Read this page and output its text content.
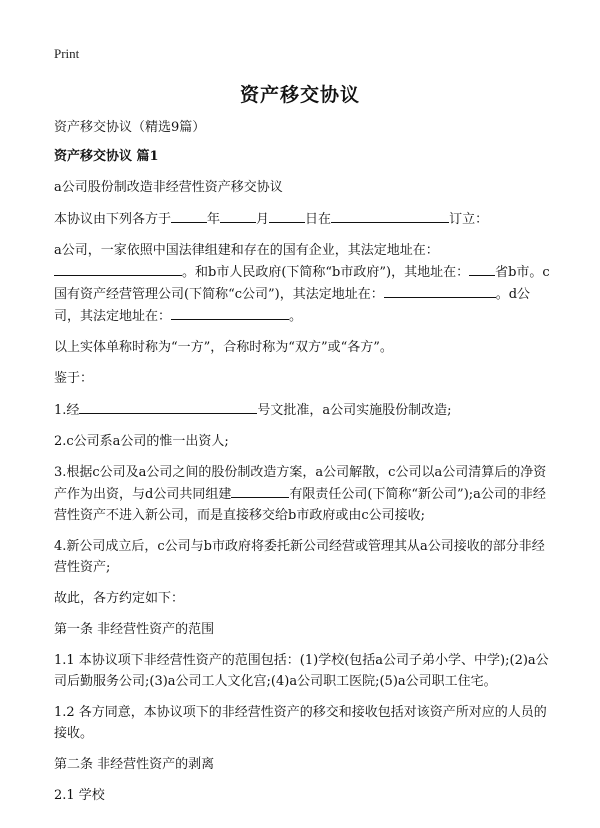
Print
资产移交协议

资产移交协议（精选9篇）

资产移交协议 篇1

a公司股份制改造非经营性资产移交协议

本协议由下列各方于	年	月	日在	订立：

a公司，一家依照中国法律组建和存在的国有企业，其法定地址在：。和b市人民政府(下简称“b市政府”)，其地址在： 省b市。c国有资产经营管理公司(下简称“c公司”)，其法定地址在：	。d公司，其法定地址在：	。

以上实体单称时称为“一方”，合称时称为“双方”或“各方”。

鉴于：

1.经	号文批准，a公司实施股份制改造;

2.c公司系a公司的惟一出资人;

3.根据c公司及a公司之间的股份制改造方案，a公司解散，c公司以a公司清算后的净资产作为出资，与d公司共同组建	有限责任公司(下简称“新公司”);a公司的非经营性资产不进入新公司，而是直接移交给b市政府或由c公司接收;

4.新公司成立后，c公司与b市政府将委托新公司经营或管理其从a公司接收的部分非经营性资产;

故此，各方约定如下：

第一条 非经营性资产的范围

1.1 本协议项下非经营性资产的范围包括：(1)学校(包括a公司子弟小学、中学);(2)a公司后勤服务公司;(3)a公司工人文化宫;(4)a公司职工医院;(5)a公司职工住宅。

1.2 各方同意，本协议项下的非经营性资产的移交和接收包括对该资产所对应的人员的接收。

第二条 非经营性资产的剥离

2.1 学校
